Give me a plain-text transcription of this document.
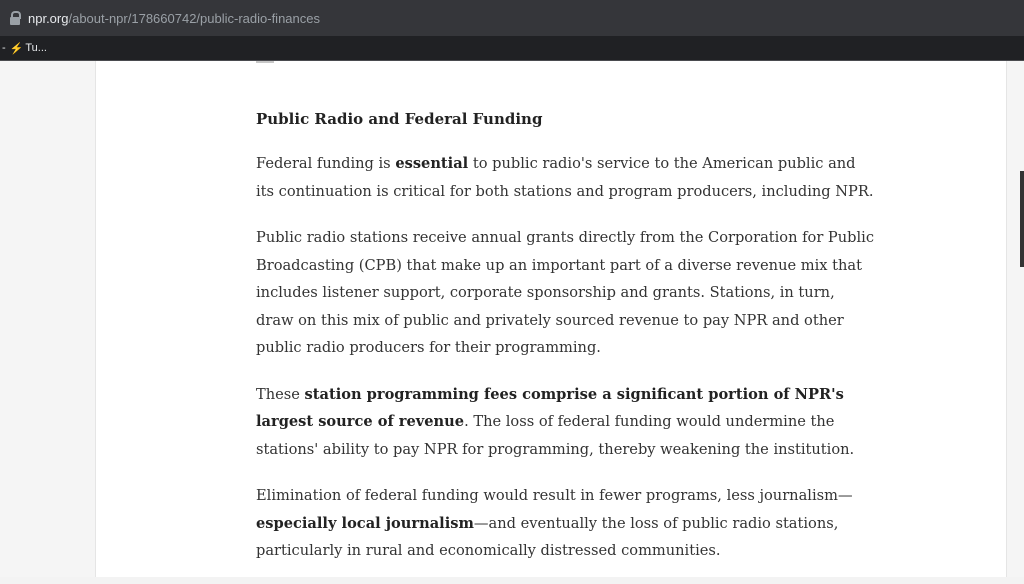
npr.org/about-npr/178660742/public-radio-finances
- ⚡ Tu...
Public Radio and Federal Funding

Federal funding is essential to public radio's service to the American public and its continuation is critical for both stations and program producers, including NPR.

Public radio stations receive annual grants directly from the Corporation for Public Broadcasting (CPB) that make up an important part of a diverse revenue mix that includes listener support, corporate sponsorship and grants. Stations, in turn, draw on this mix of public and privately sourced revenue to pay NPR and other public radio producers for their programming.

These station programming fees comprise a significant portion of NPR's largest source of revenue. The loss of federal funding would undermine the stations' ability to pay NPR for programming, thereby weakening the institution.

Elimination of federal funding would result in fewer programs, less journalism—especially local journalism—and eventually the loss of public radio stations, particularly in rural and economically distressed communities.
